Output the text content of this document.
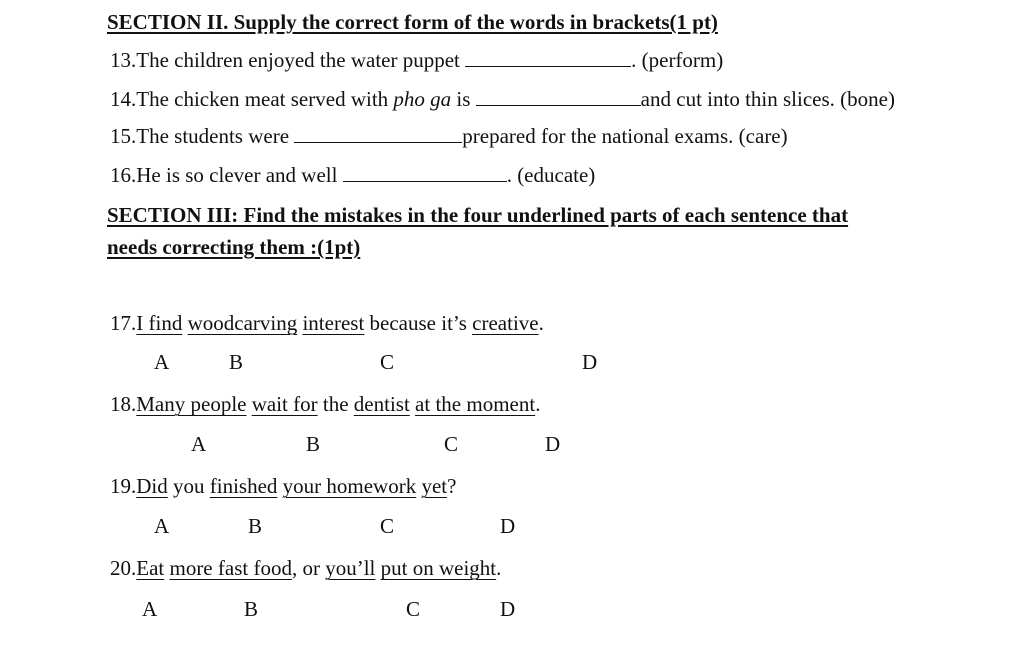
SECTION II. Supply the correct form of the words in brackets(1 pt)
13.The children enjoyed the water puppet	. (perform)
14.The chicken meat served with pho ga is	and cut into thin slices. (bone)
15.The students were	prepared for the national exams. (care)
16.He is so clever and well	. (educate)
SECTION III: Find the mistakes in the four underlined parts of each sentence that
needs correcting them :(1pt)
17.I find woodcarving interest because it’s creative.
A	B	C	D
18.Many people wait for the dentist at the moment.
A	B	C	D
19.Did you finished your homework yet?
A	B	C	D
20.Eat more fast food, or you’ll put on weight.
A	B	C	D
